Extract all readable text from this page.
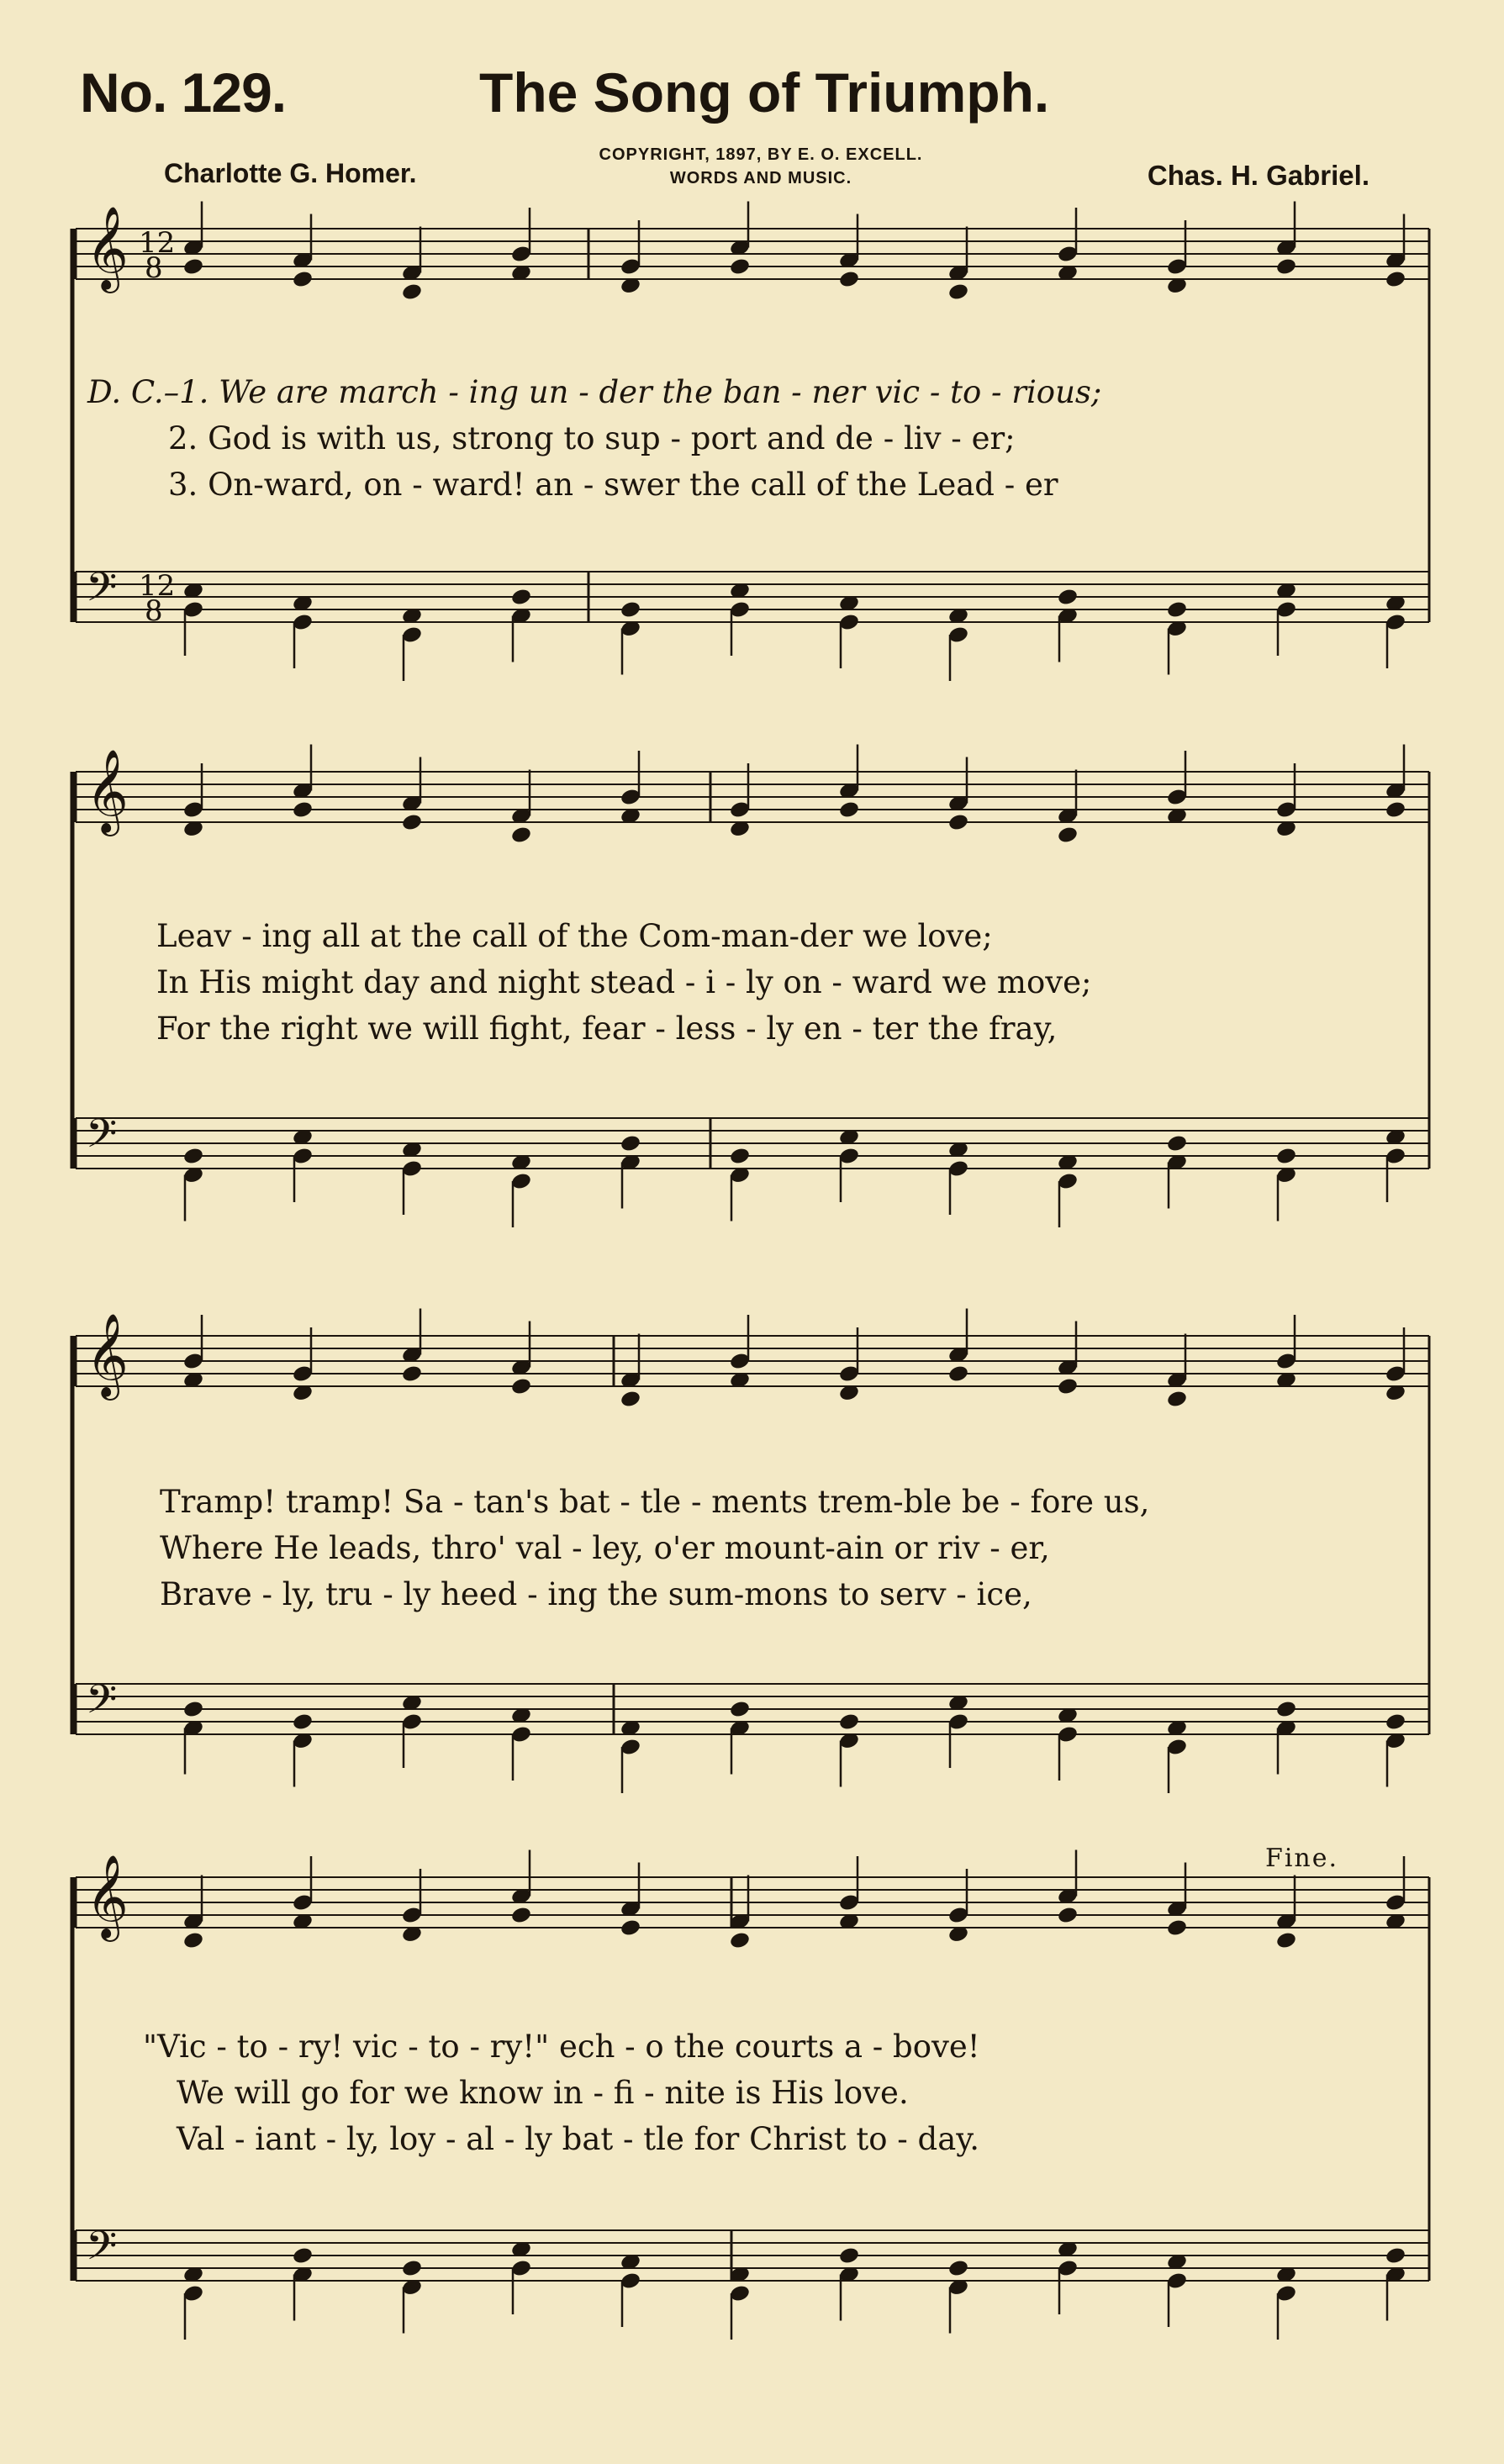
No. 129.	The Song of Triumph.
Charlotte G. Homer.
COPYRIGHT, 1897, BY E. O. EXCELL.
WORDS AND MUSIC.	Chas. H. Gabriel.
𝄞
𝄢
𝄞
𝄢
𝄞
𝄢
𝄞
𝄢
12
8
12
8
D. C.–1. We are march - ing un - der the ban - ner vic - to - rious;
2. God is with us, strong to sup - port and de - liv - er;
3. On-ward, on - ward! an - swer the call of the Lead - er
Leav - ing all at the call of the Com-man-der we love;
In His might day and night stead - i - ly on - ward we move;
For the right we will fight, fear - less - ly en - ter the fray,
Tramp! tramp! Sa - tan's bat - tle - ments trem-ble be - fore us,
Where He leads, thro' val - ley, o'er mount-ain or riv - er,
Brave - ly, tru - ly heed - ing the sum-mons to serv - ice,
Fine.
"Vic - to - ry! vic - to - ry!" ech - o the courts a - bove!
We will go for we know in - fi - nite is His love.
Val - iant - ly, loy - al - ly bat - tle for Christ to - day.
